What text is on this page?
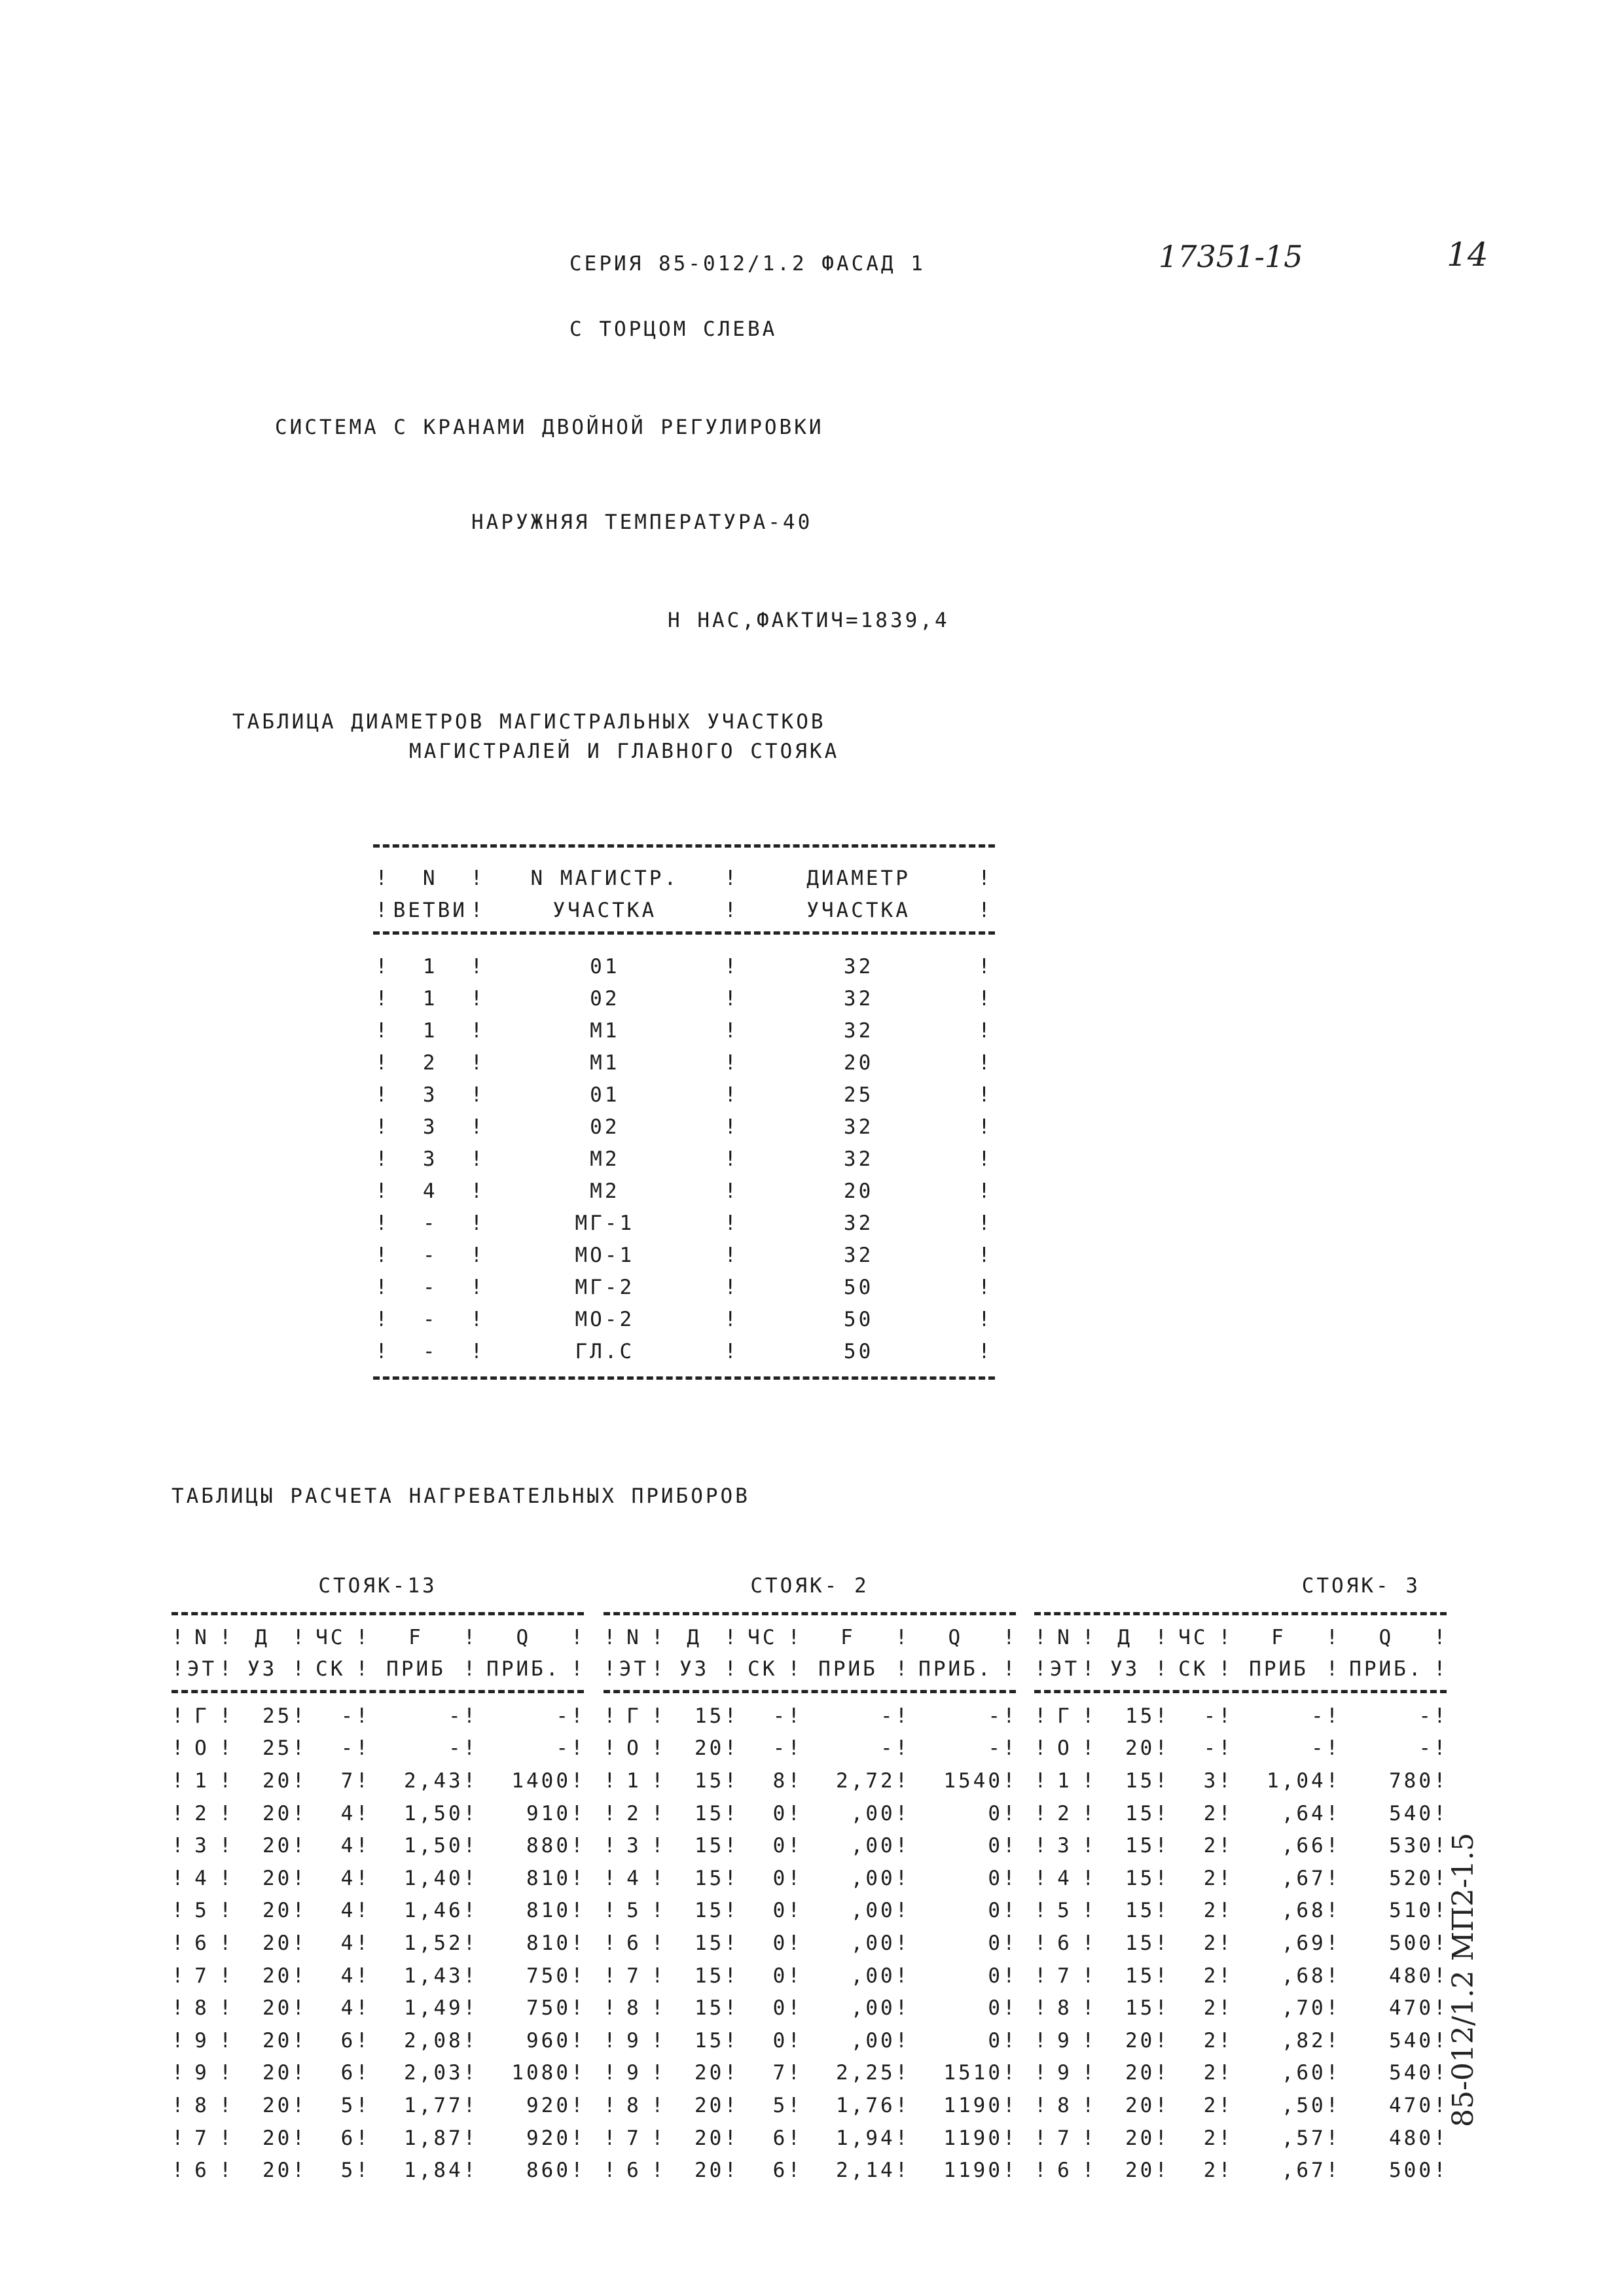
СЕРИЯ 85-012/1.2 ФАСАД 1	17351-15	14
С ТОРЦОМ СЛЕВА
СИСТЕМА С КРАНАМИ ДВОЙНОЙ РЕГУЛИРОВКИ
НАРУЖНЯЯ ТЕМПЕРАТУРА-40
Н НАС,ФАКТИЧ=1839,4
ТАБЛИЦА ДИАМЕТРОВ МАГИСТРАЛЬНЫХ УЧАСТКОВ
МАГИСТРАЛЕЙ И ГЛАВНОГО СТОЯКА
!	N	!	N МАГИСТР.	!	ДИАМЕТР	!
! ВЕТВИ !	УЧАСТКА	!	УЧАСТКА	!
!	1	!	01	!	32	!
!	1	!	02	!	32	!
!	1	!	М1	!	32	!
!	2	!	М1	!	20	!
!	3	!	01	!	25	!
!	3	!	02	!	32	!
!	3	!	М2	!	32	!
!	4	!	М2	!	20	!
!	-	!	МГ-1	!	32	!
!	-	!	МО-1	!	32	!
!	-	!	МГ-2	!	50	!
!	-	!	МО-2	!	50	!
!	-	!	ГЛ.С	!	50	!
ТАБЛИЦЫ РАСЧЕТА НАГРЕВАТЕЛЬНЫХ ПРИБОРОВ
СТОЯК-13
! N !	Д	! ЧС !	F	!	Q	!
! ЭТ ! УЗ ! СК ! ПРИБ ! ПРИБ. !
! Г !	25 !	- !	- !	- !
! О !	25 !	- !	- !	- !
! 1 !	20 !	7 !	2,43 !	1400 !
! 2 !	20 !	4 !	1,50 !	910 !
! 3 !	20 !	4 !	1,50 !	880 !
! 4 !	20 !	4 !	1,40 !	810 !
! 5 !	20 !	4 !	1,46 !	810 !
! 6 !	20 !	4 !	1,52 !	810 !
! 7 !	20 !	4 !	1,43 !	750 !
! 8 !	20 !	4 !	1,49 !	750 !
! 9 !	20 !	6 !	2,08 !	960 !
! 9 !	20 !	6 !	2,03 !	1080 !
! 8 !	20 !	5 !	1,77 !	920 !
! 7 !	20 !	6 !	1,87 !	920 !
! 6 !	20 !	5 !	1,84 !	860 !
СТОЯК- 2
! N !	Д	! ЧС !	F	!	Q	!
! ЭТ ! УЗ ! СК ! ПРИБ ! ПРИБ. !
! Г !	15 !	- !	- !	- !
! О !	20 !	- !	- !	- !
! 1 !	15 !	8 !	2,72 !	1540 !
! 2 !	15 !	0 !	,00 !	0 !
! 3 !	15 !	0 !	,00 !	0 !
! 4 !	15 !	0 !	,00 !	0 !
! 5 !	15 !	0 !	,00 !	0 !
! 6 !	15 !	0 !	,00 !	0 !
! 7 !	15 !	0 !	,00 !	0 !
! 8 !	15 !	0 !	,00 !	0 !
! 9 !	15 !	0 !	,00 !	0 !
! 9 !	20 !	7 !	2,25 !	1510 !
! 8 !	20 !	5 !	1,76 !	1190 !
! 7 !	20 !	6 !	1,94 !	1190 !
! 6 !	20 !	6 !	2,14 !	1190 !
СТОЯК- 3
! N !	Д	! ЧС !	F	!	Q	!
! ЭТ ! УЗ ! СК ! ПРИБ ! ПРИБ. !
! Г !	15 !	- !	- !	- !
! О !	20 !	- !	- !	- !
! 1 !	15 !	3 !	1,04 !	780 !
! 2 !	15 !	2 !	,64 !	540 !
! 3 !	15 !	2 !	,66 !	530 !
! 4 !	15 !	2 !	,67 !	520 !
! 5 !	15 !	2 !	,68 !	510 !
! 6 !	15 !	2 !	,69 !	500 !
! 7 !	15 !	2 !	,68 !	480 !
! 8 !	15 !	2 !	,70 !	470 !
! 9 !	20 !	2 !	,82 !	540 !
! 9 !	20 !	2 !	,60 !	540 !
! 8 !	20 !	2 !	,50 !	470 !
! 7 !	20 !	2 !	,57 !	480 !
! 6 !	20 !	2 !	,67 !	500 !
85-012/1.2 МП2-1.5
